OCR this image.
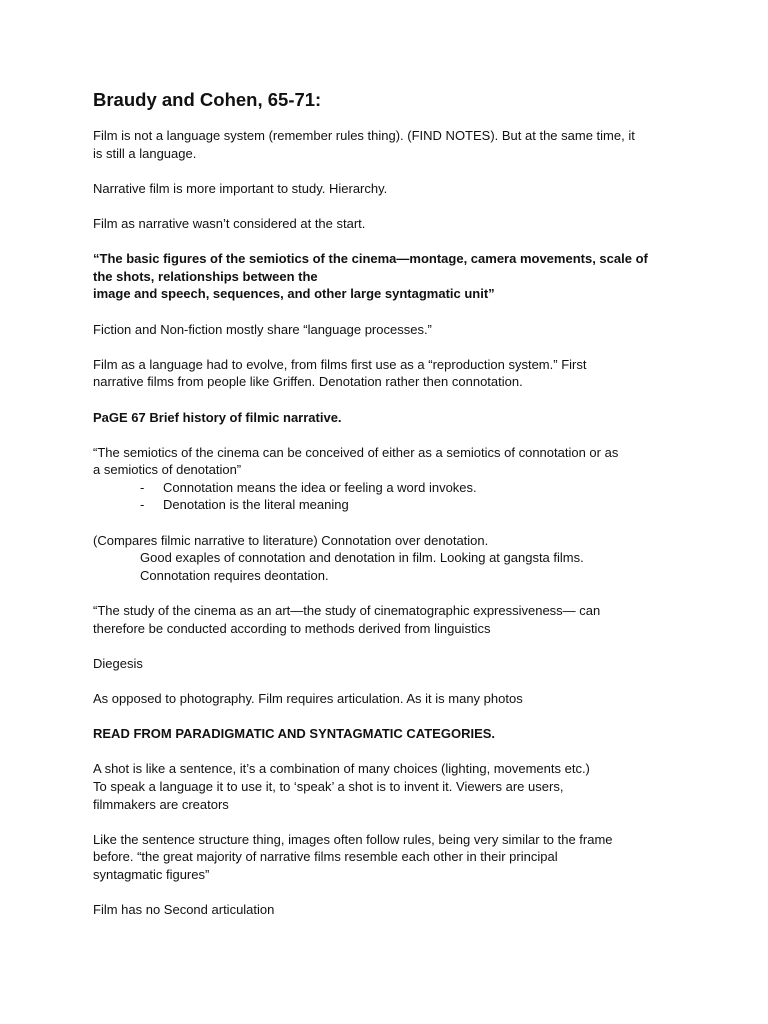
Braudy and Cohen, 65-71:
Film is not a language system (remember rules thing). (FIND NOTES). But at the same time, it
is still a language.
Narrative film is more important to study. Hierarchy.
Film as narrative wasn’t considered at the start.
“The basic figures of the semiotics of the cinema—montage, camera movements, scale of
the shots, relationships between the
image and speech, sequences, and other large syntagmatic unit”
Fiction and Non-fiction mostly share “language processes.”
Film as a language had to evolve, from films first use as a “reproduction system.” First
narrative films from people like Griffen. Denotation rather then connotation.
PaGE 67 Brief history of filmic narrative.
“The semiotics of the cinema can be conceived of either as a semiotics of connotation or as
a semiotics of denotation”
- Connotation means the idea or feeling a word invokes.
- Denotation is the literal meaning
(Compares filmic narrative to literature) Connotation over denotation.
Good exaples of connotation and denotation in film. Looking at gangsta films.
Connotation requires deontation.
“The study of the cinema as an art—the study of cinematographic expressiveness— can
therefore be conducted according to methods derived from linguistics
Diegesis
As opposed to photography. Film requires articulation. As it is many photos
READ FROM PARADIGMATIC AND SYNTAGMATIC CATEGORIES.
A shot is like a sentence, it’s a combination of many choices (lighting, movements etc.)
To speak a language it to use it, to ‘speak’ a shot is to invent it. Viewers are users,
filmmakers are creators
Like the sentence structure thing, images often follow rules, being very similar to the frame
before. “the great majority of narrative films resemble each other in their principal
syntagmatic figures”
Film has no Second articulation
